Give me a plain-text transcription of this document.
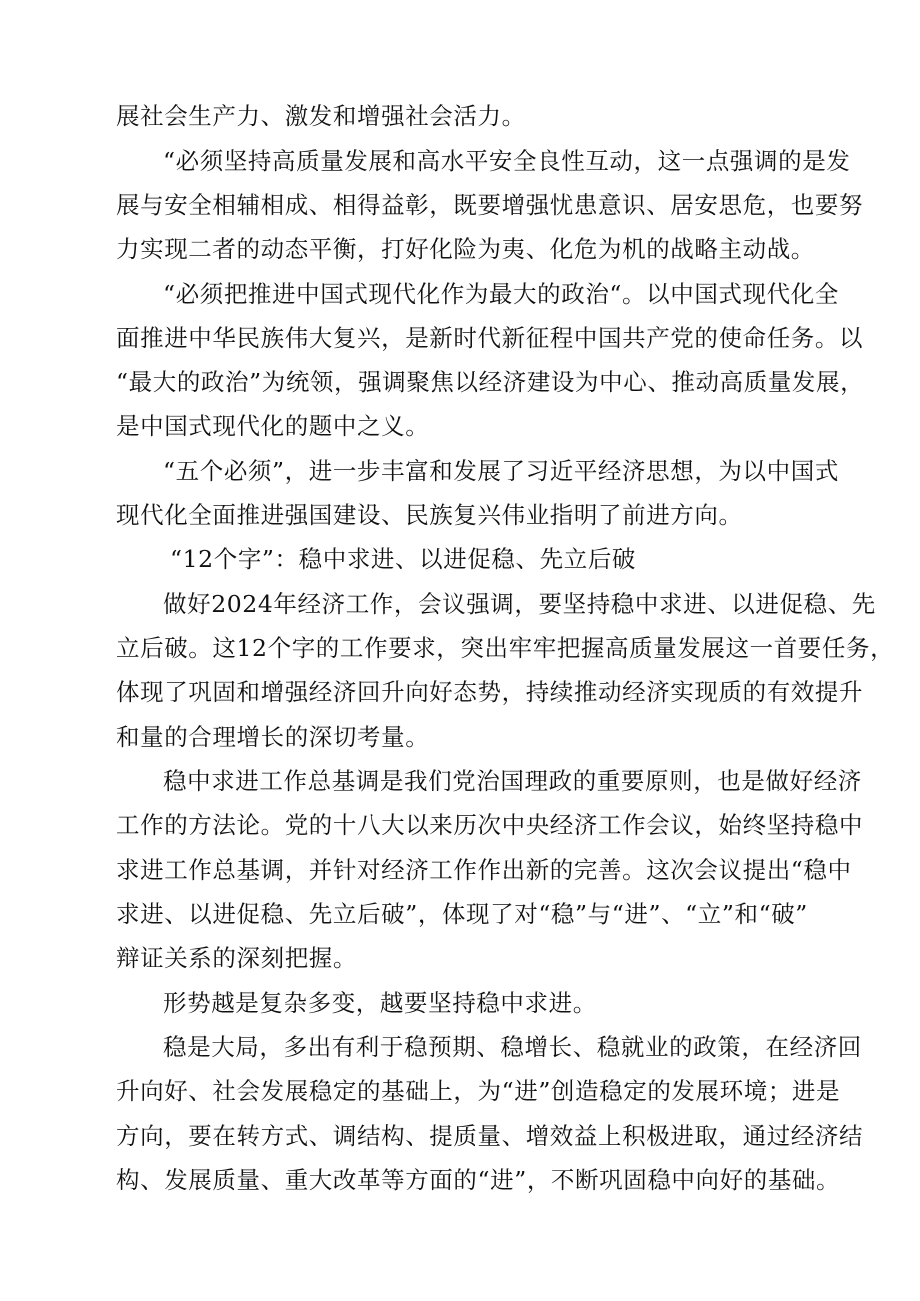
展社会生产力、激发和增强社会活力。
“必须坚持高质量发展和高水平安全良性互动，这一点强调的是发
展与安全相辅相成、相得益彰，既要增强忧患意识、居安思危，也要努
力实现二者的动态平衡，打好化险为夷、化危为机的战略主动战。
“必须把推进中国式现代化作为最大的政治“。以中国式现代化全
面推进中华民族伟大复兴，是新时代新征程中国共产党的使命任务。以
“最大的政治”为统领，强调聚焦以经济建设为中心、推动高质量发展，
是中国式现代化的题中之义。
“五个必须”，进一步丰富和发展了习近平经济思想，为以中国式
现代化全面推进强国建设、民族复兴伟业指明了前进方向。
“12个字”：稳中求进、以进促稳、先立后破
做好2024年经济工作，会议强调，要坚持稳中求进、以进促稳、先
立后破。这12个字的工作要求，突出牢牢把握高质量发展这一首要任务，
体现了巩固和增强经济回升向好态势，持续推动经济实现质的有效提升
和量的合理增长的深切考量。
稳中求进工作总基调是我们党治国理政的重要原则，也是做好经济
工作的方法论。党的十八大以来历次中央经济工作会议，始终坚持稳中
求进工作总基调，并针对经济工作作出新的完善。这次会议提出“稳中
求进、以进促稳、先立后破”，体现了对“稳”与“进”、“立”和“破”
辩证关系的深刻把握。
形势越是复杂多变，越要坚持稳中求进。
稳是大局，多出有利于稳预期、稳增长、稳就业的政策，在经济回
升向好、社会发展稳定的基础上，为“进”创造稳定的发展环境；进是
方向，要在转方式、调结构、提质量、增效益上积极进取，通过经济结
构、发展质量、重大改革等方面的“进”，不断巩固稳中向好的基础。
